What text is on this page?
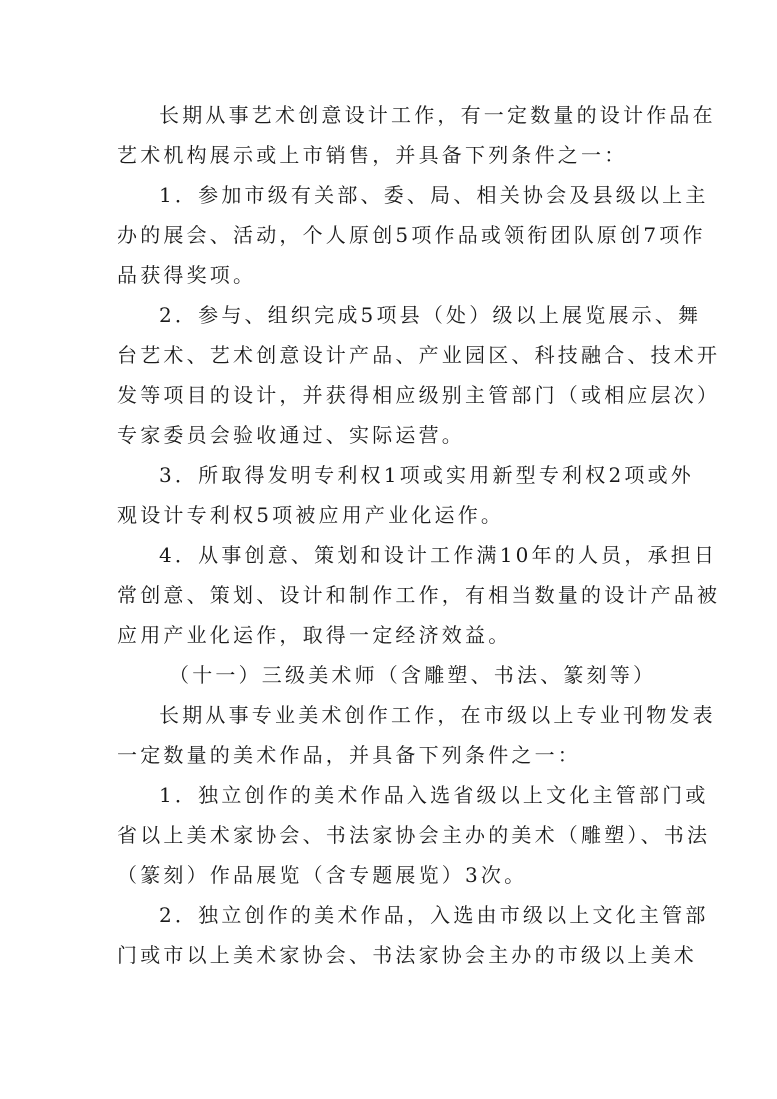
长期从事艺术创意设计工作，有一定数量的设计作品在
艺术机构展示或上市销售，并具备下列条件之一：
1．参加市级有关部、委、局、相关协会及县级以上主
办的展会、活动，个人原创5项作品或领衔团队原创7项作
品获得奖项。
2．参与、组织完成5项县（处）级以上展览展示、舞
台艺术、艺术创意设计产品、产业园区、科技融合、技术开
发等项目的设计，并获得相应级别主管部门（或相应层次）
专家委员会验收通过、实际运营。
3．所取得发明专利权1项或实用新型专利权2项或外
观设计专利权5项被应用产业化运作。
4．从事创意、策划和设计工作满10年的人员，承担日
常创意、策划、设计和制作工作，有相当数量的设计产品被
应用产业化运作，取得一定经济效益。
（十一）三级美术师（含雕塑、书法、篆刻等）
长期从事专业美术创作工作，在市级以上专业刊物发表
一定数量的美术作品，并具备下列条件之一：
1．独立创作的美术作品入选省级以上文化主管部门或
省以上美术家协会、书法家协会主办的美术（雕塑）、书法
（篆刻）作品展览（含专题展览）3次。
2．独立创作的美术作品，入选由市级以上文化主管部
门或市以上美术家协会、书法家协会主办的市级以上美术
